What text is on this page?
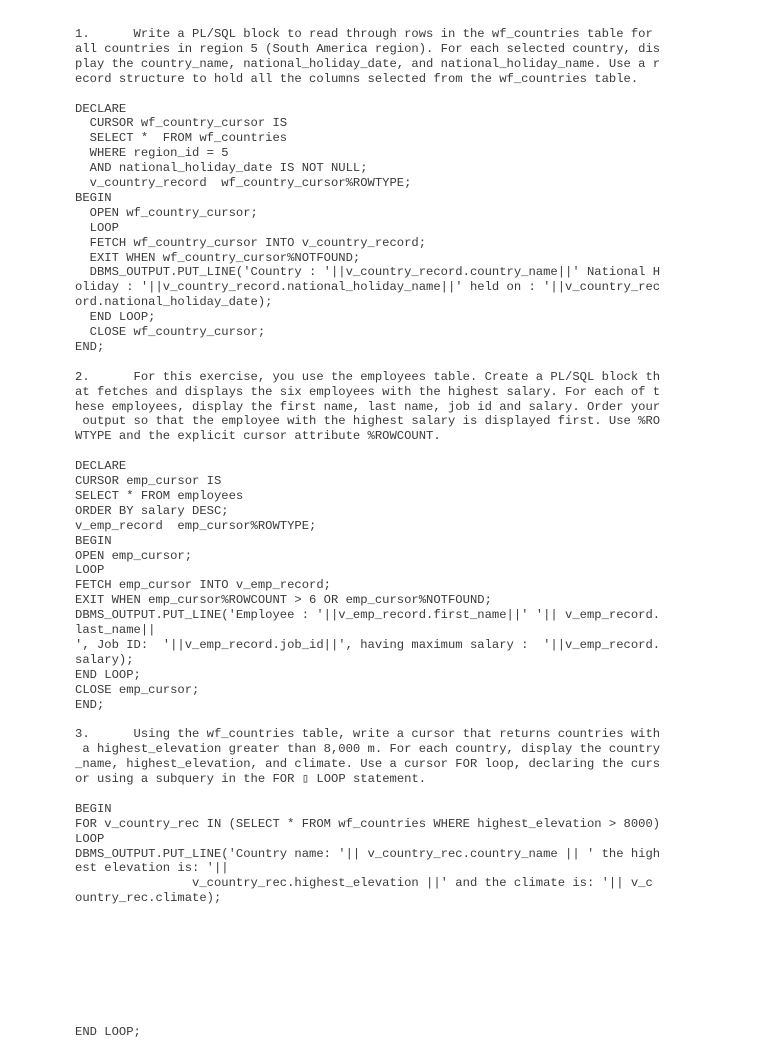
1.      Write a PL/SQL block to read through rows in the wf_countries table for
all countries in region 5 (South America region). For each selected country, dis
play the country_name, national_holiday_date, and national_holiday_name. Use a r
ecord structure to hold all the columns selected from the wf_countries table.
DECLARE
CURSOR wf_country_cursor IS
SELECT *  FROM wf_countries
WHERE region_id = 5
AND national_holiday_date IS NOT NULL;
v_country_record  wf_country_cursor%ROWTYPE;
BEGIN
OPEN wf_country_cursor;
LOOP
FETCH wf_country_cursor INTO v_country_record;
EXIT WHEN wf_country_cursor%NOTFOUND;
DBMS_OUTPUT.PUT_LINE('Country : '||v_country_record.country_name||' National H
oliday : '||v_country_record.national_holiday_name||' held on : '||v_country_rec
ord.national_holiday_date);
END LOOP;
CLOSE wf_country_cursor;
END;
2.      For this exercise, you use the employees table. Create a PL/SQL block th
at fetches and displays the six employees with the highest salary. For each of t
hese employees, display the first name, last name, job id and salary. Order your
output so that the employee with the highest salary is displayed first. Use %RO
WTYPE and the explicit cursor attribute %ROWCOUNT.
DECLARE
CURSOR emp_cursor IS
SELECT * FROM employees
ORDER BY salary DESC;
v_emp_record  emp_cursor%ROWTYPE;
BEGIN
OPEN emp_cursor;
LOOP
FETCH emp_cursor INTO v_emp_record;
EXIT WHEN emp_cursor%ROWCOUNT > 6 OR emp_cursor%NOTFOUND;
DBMS_OUTPUT.PUT_LINE('Employee : '||v_emp_record.first_name||' '|| v_emp_record.
last_name||
', Job ID:  '||v_emp_record.job_id||', having maximum salary :  '||v_emp_record.
salary);
END LOOP;
CLOSE emp_cursor;
END;
3.      Using the wf_countries table, write a cursor that returns countries with
a highest_elevation greater than 8,000 m. For each country, display the country
_name, highest_elevation, and climate. Use a cursor FOR loop, declaring the curs
or using a subquery in the FOR ▯ LOOP statement.
BEGIN
FOR v_country_rec IN (SELECT * FROM wf_countries WHERE highest_elevation > 8000)
LOOP
DBMS_OUTPUT.PUT_LINE('Country name: '|| v_country_rec.country_name || ' the high
est elevation is: '||
v_country_rec.highest_elevation ||' and the climate is: '|| v_c
ountry_rec.climate);
END LOOP;
